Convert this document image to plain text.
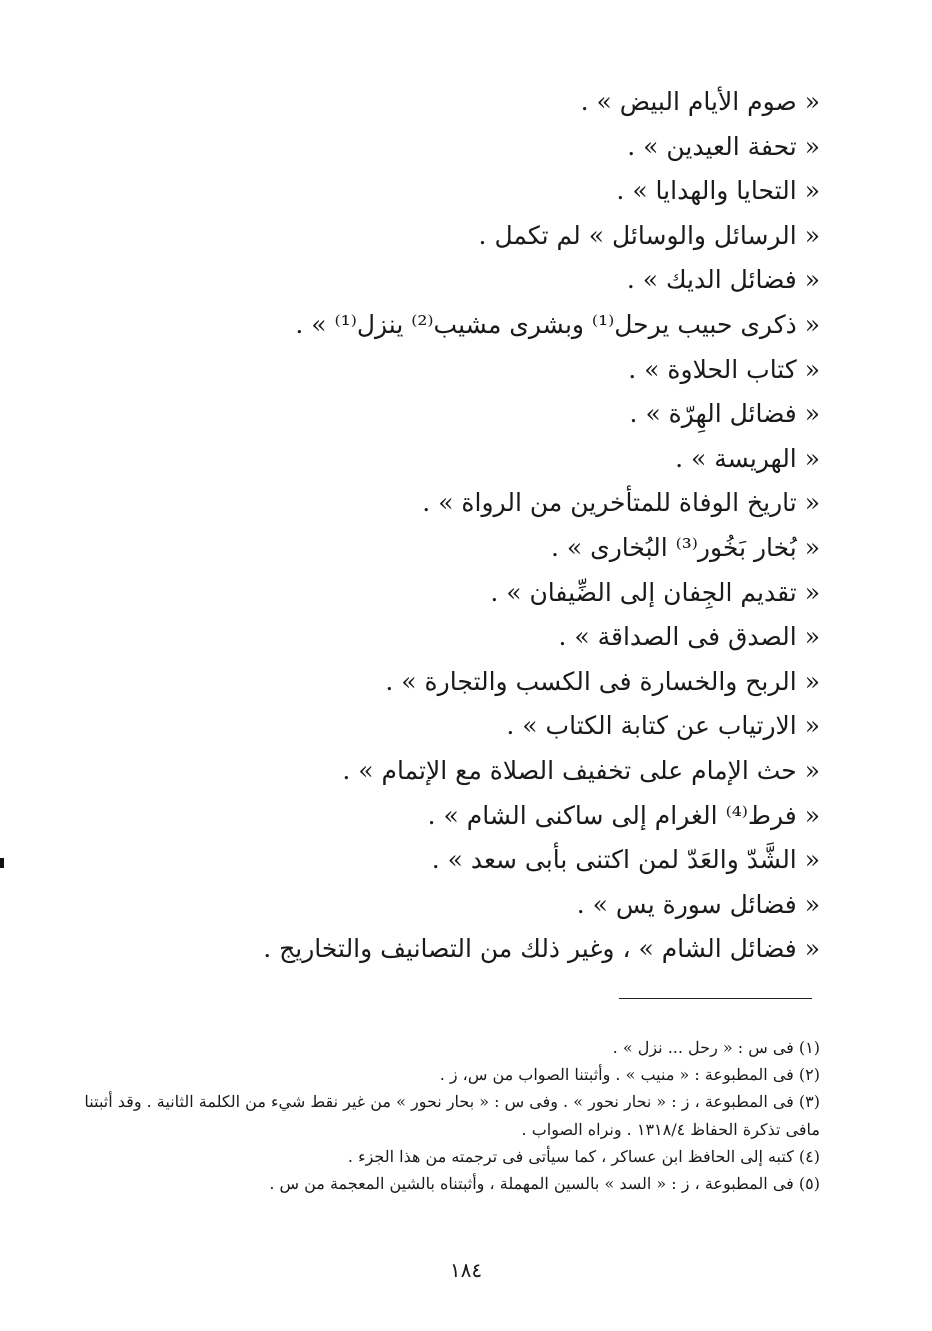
« صوم الأيام البيض » .
« تحفة العيدين » .
« التحايا والهدايا » .
« الرسائل والوسائل » لم تكمل .
« فضائل الديك » .
« ذكرى حبيب يرحل⁽¹⁾ وبشرى مشيب⁽²⁾ ينزل⁽¹⁾ » .
« كتاب الحلاوة » .
« فضائل الهِرّة » .
« الهريسة » .
« تاريخ الوفاة للمتأخرين من الرواة » .
« بُخار بَخُور⁽³⁾ البُخارى » .
« تقديم الجِفان إلى الضِّيفان » .
« الصدق فى الصداقة » .
« الربح والخسارة فى الكسب والتجارة » .
« الارتياب عن كتابة الكتاب » .
« حث الإمام على تخفيف الصلاة مع الإتمام » .
« فرط⁽⁴⁾ الغرام إلى ساكنى الشام » .
« الشَّدّ والعَدّ لمن اكتنى بأبى سعد » .
« فضائل سورة يس » .
« فضائل الشام » ، وغير ذلك من التصانيف والتخاريج .
(١) فى س : « رحل ... نزل » .
(٢) فى المطبوعة : « منيب » . وأثبتنا الصواب من س، ز .
(٣) فى المطبوعة ، ز : « نحار نحور » . وفى س : « بحار نحور » من غير نقط شيء من الكلمة الثانية . وقد أثبتنا
مافى تذكرة الحفاظ ١٣١٨/٤ . ونراه الصواب .
(٤) كتبه إلى الحافظ ابن عساكر ، كما سيأتى فى ترجمته من هذا الجزء .
(٥) فى المطبوعة ، ز : « السد » بالسين المهملة ، وأثبتناه بالشين المعجمة من س .
١٨٤
